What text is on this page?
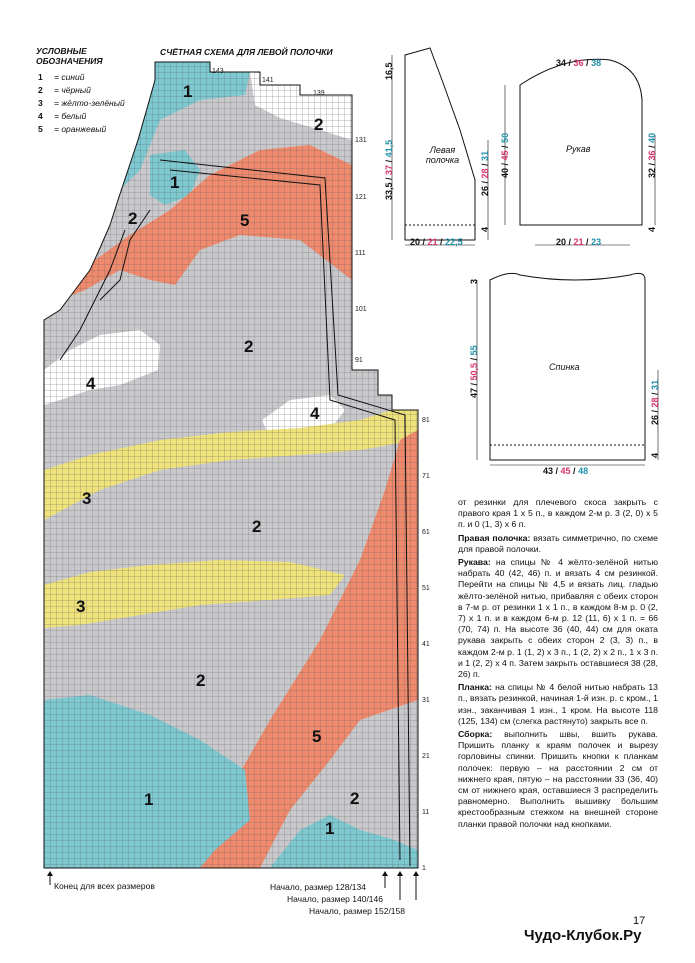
УСЛОВНЫЕ
ОБОЗНАЧЕНИЯ
1 = синий
2 = чёрный
3 = жёлто-зелёный
4 = белый
5 = оранжевый
СЧЁТНАЯ СХЕМА ДЛЯ ЛЕВОЙ ПОЛОЧКИ
143
141
139
131
121
111
101
91
81
71
61
51
41
31
21
11
1
1
2
1
2	5
2
4
4
3
2
3
2
5
1	2
1
Конец для всех размеров	Начало, размер 128/134
Начало, размер 140/146
Начало, размер 152/158
Левая
полочка
16,5
33,5 / 37 / 41,5
26 / 28 / 31
4
20 / 21 / 22,5
Рукав
34 / 36 / 38
40 / 45 / 50
32 / 36 / 40
4
20 / 21 / 23
Спинка
3
47 / 50,5 / 55
26 / 28 / 31
4
43 / 45 / 48

от резинки для плечевого скоса закрыть с правого края 1 х 5 п., в каждом 2-м р. 3 (2, 0) х 5 п. и 0 (1, 3) х 6 п.

Правая полочка: вязать симметрично, по схеме для правой полочки.

Рукава: на спицы № 4 жёлто-зелёной нитью набрать 40 (42, 46) п. и вязать 4 см резинкой. Перейти на спицы № 4,5 и вязать лиц. гладью жёлто-зелёной нитью, прибавляя с обеих сторон в 7-м р. от резинки 1 х 1 п., в каждом 8-м р. 0 (2, 7) х 1 п. и в каждом 6-м р. 12 (11, 6) х 1 п. = 66 (70, 74) п. На высоте 36 (40, 44) см для оката рукава закрыть с обеих сторон 2 (3, 3) п., в каждом 2-м р. 1 (1, 2) х 3 п., 1 (2, 2) х 2 п., 1 х 3 п. и 1 (2, 2) х 4 п. Затем закрыть оставшиеся 38 (28, 26) п.

Планка: на спицы № 4 белой нитью набрать 13 п., вязать резинкой, начиная 1-й изн. р. с кром., 1 изн., заканчивая 1 изн., 1 кром. На высоте 118 (125, 134) см (слегка растянуто) закрыть все п.

Сборка: выполнить швы, вшить рукава. Пришить планку к краям полочек и вырезу горловины спинки. Пришить кнопки к планкам полочек: первую – на расстоянии 2 см от нижнего края, пятую – на расстоянии 33 (36, 40) см от нижнего края, оставшиеся 3 распределить равномерно. Выполнить вышивку большим крестообразным стежком на внешней стороне планки правой полочки над кнопками.

17
Чудо-Клубок.Ру
